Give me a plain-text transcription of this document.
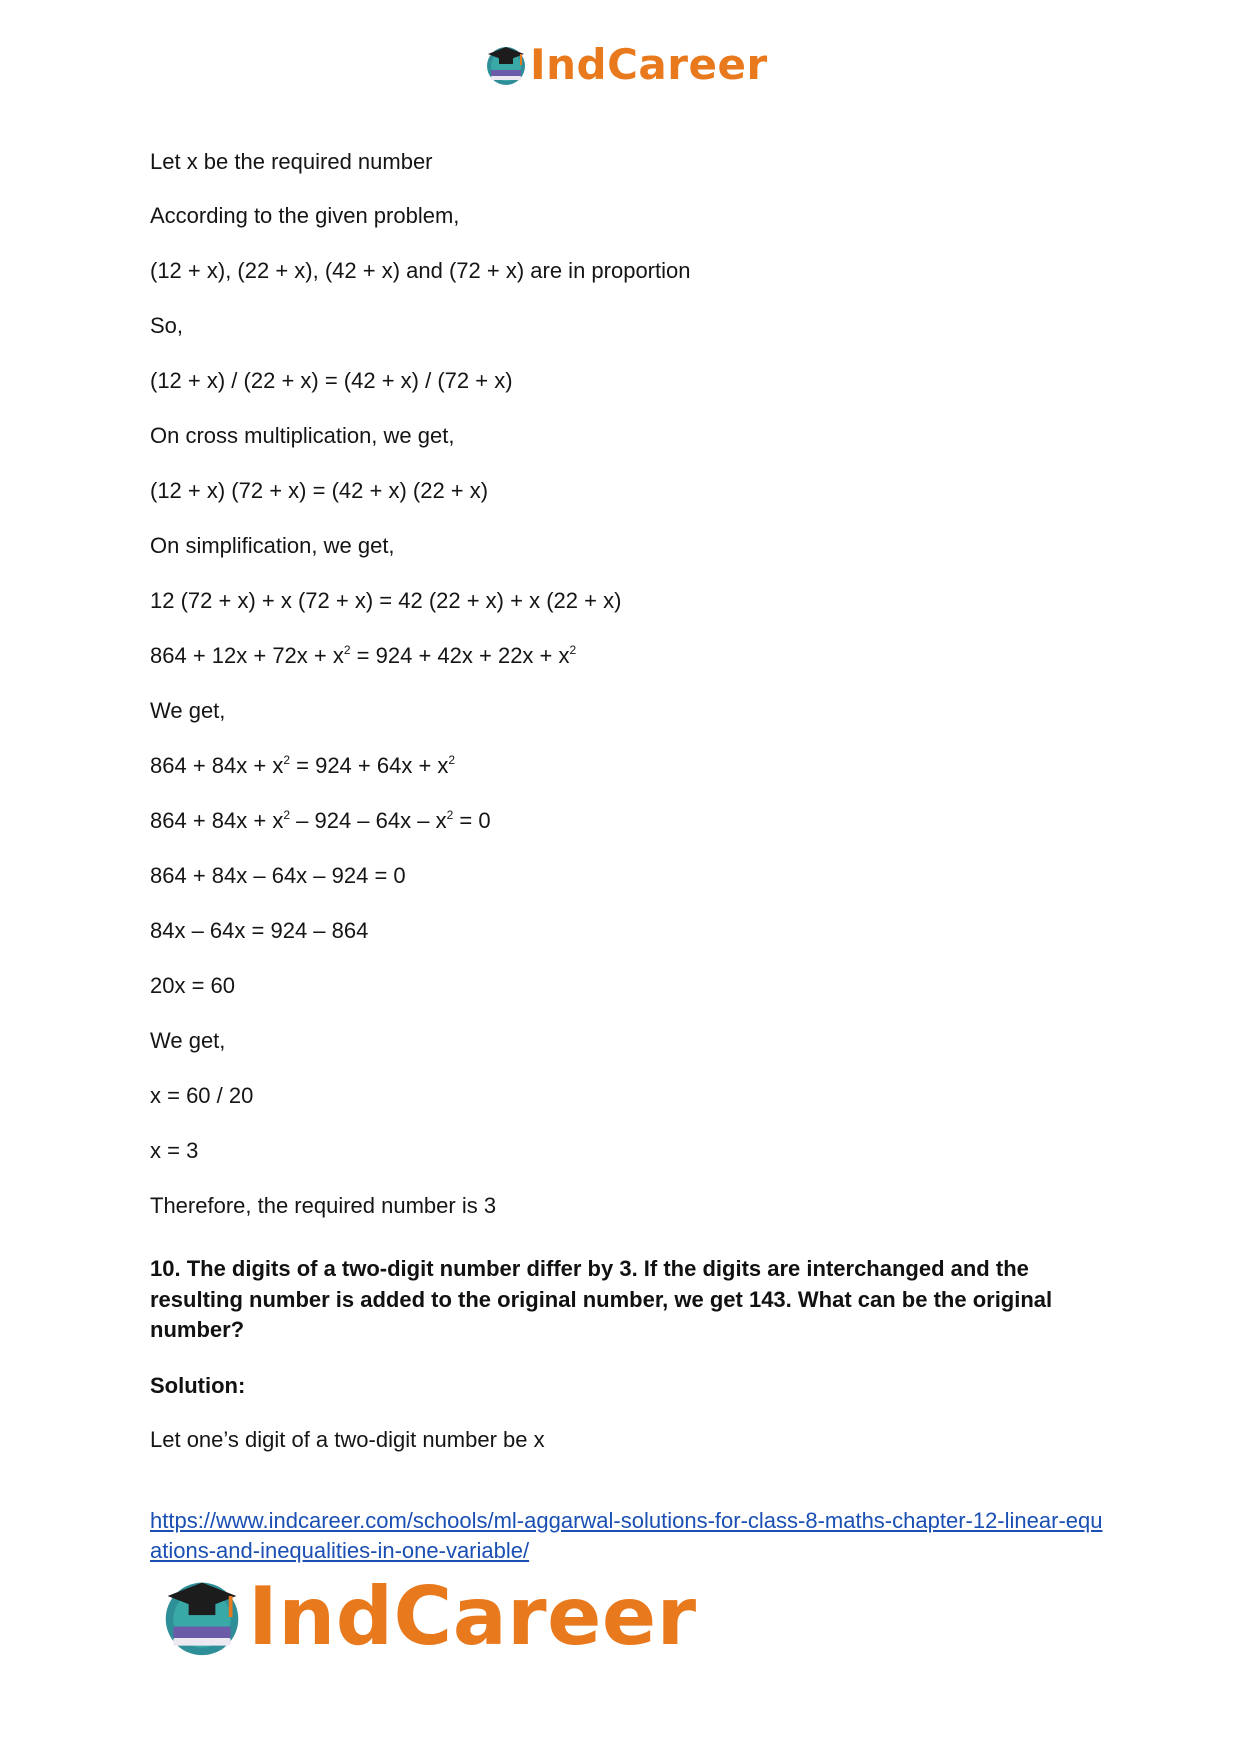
IndCareer
Let x be the required number
According to the given problem,
(12 + x), (22 + x), (42 + x) and (72 + x) are in proportion
So,
(12 + x) / (22 + x) = (42 + x) / (72 + x)
On cross multiplication, we get,
(12 + x) (72 + x) = (42 + x) (22 + x)
On simplification, we get,
12 (72 + x) + x (72 + x) = 42 (22 + x) + x (22 + x)
$864 + 12x + 72x + x^2 = 924 + 42x + 22x + x^2$
We get,
$864 + 84x + x^2 = 924 + 64x + x^2$
$864 + 84x + x^2 - 924 - 64x - x^2 = 0$
864 + 84x – 64x – 924 = 0
84x – 64x = 924 – 864
20x = 60
We get,
x = 60 / 20
x = 3
Therefore, the required number is 3
10. The digits of a two-digit number differ by 3. If the digits are interchanged and the resulting number is added to the original number, we get 143. What can be the original number?
Solution:
Let one’s digit of a two-digit number be x
https://www.indcareer.com/schools/ml-aggarwal-solutions-for-class-8-maths-chapter-12-linear-equations-and-inequalities-in-one-variable/
IndCareer
